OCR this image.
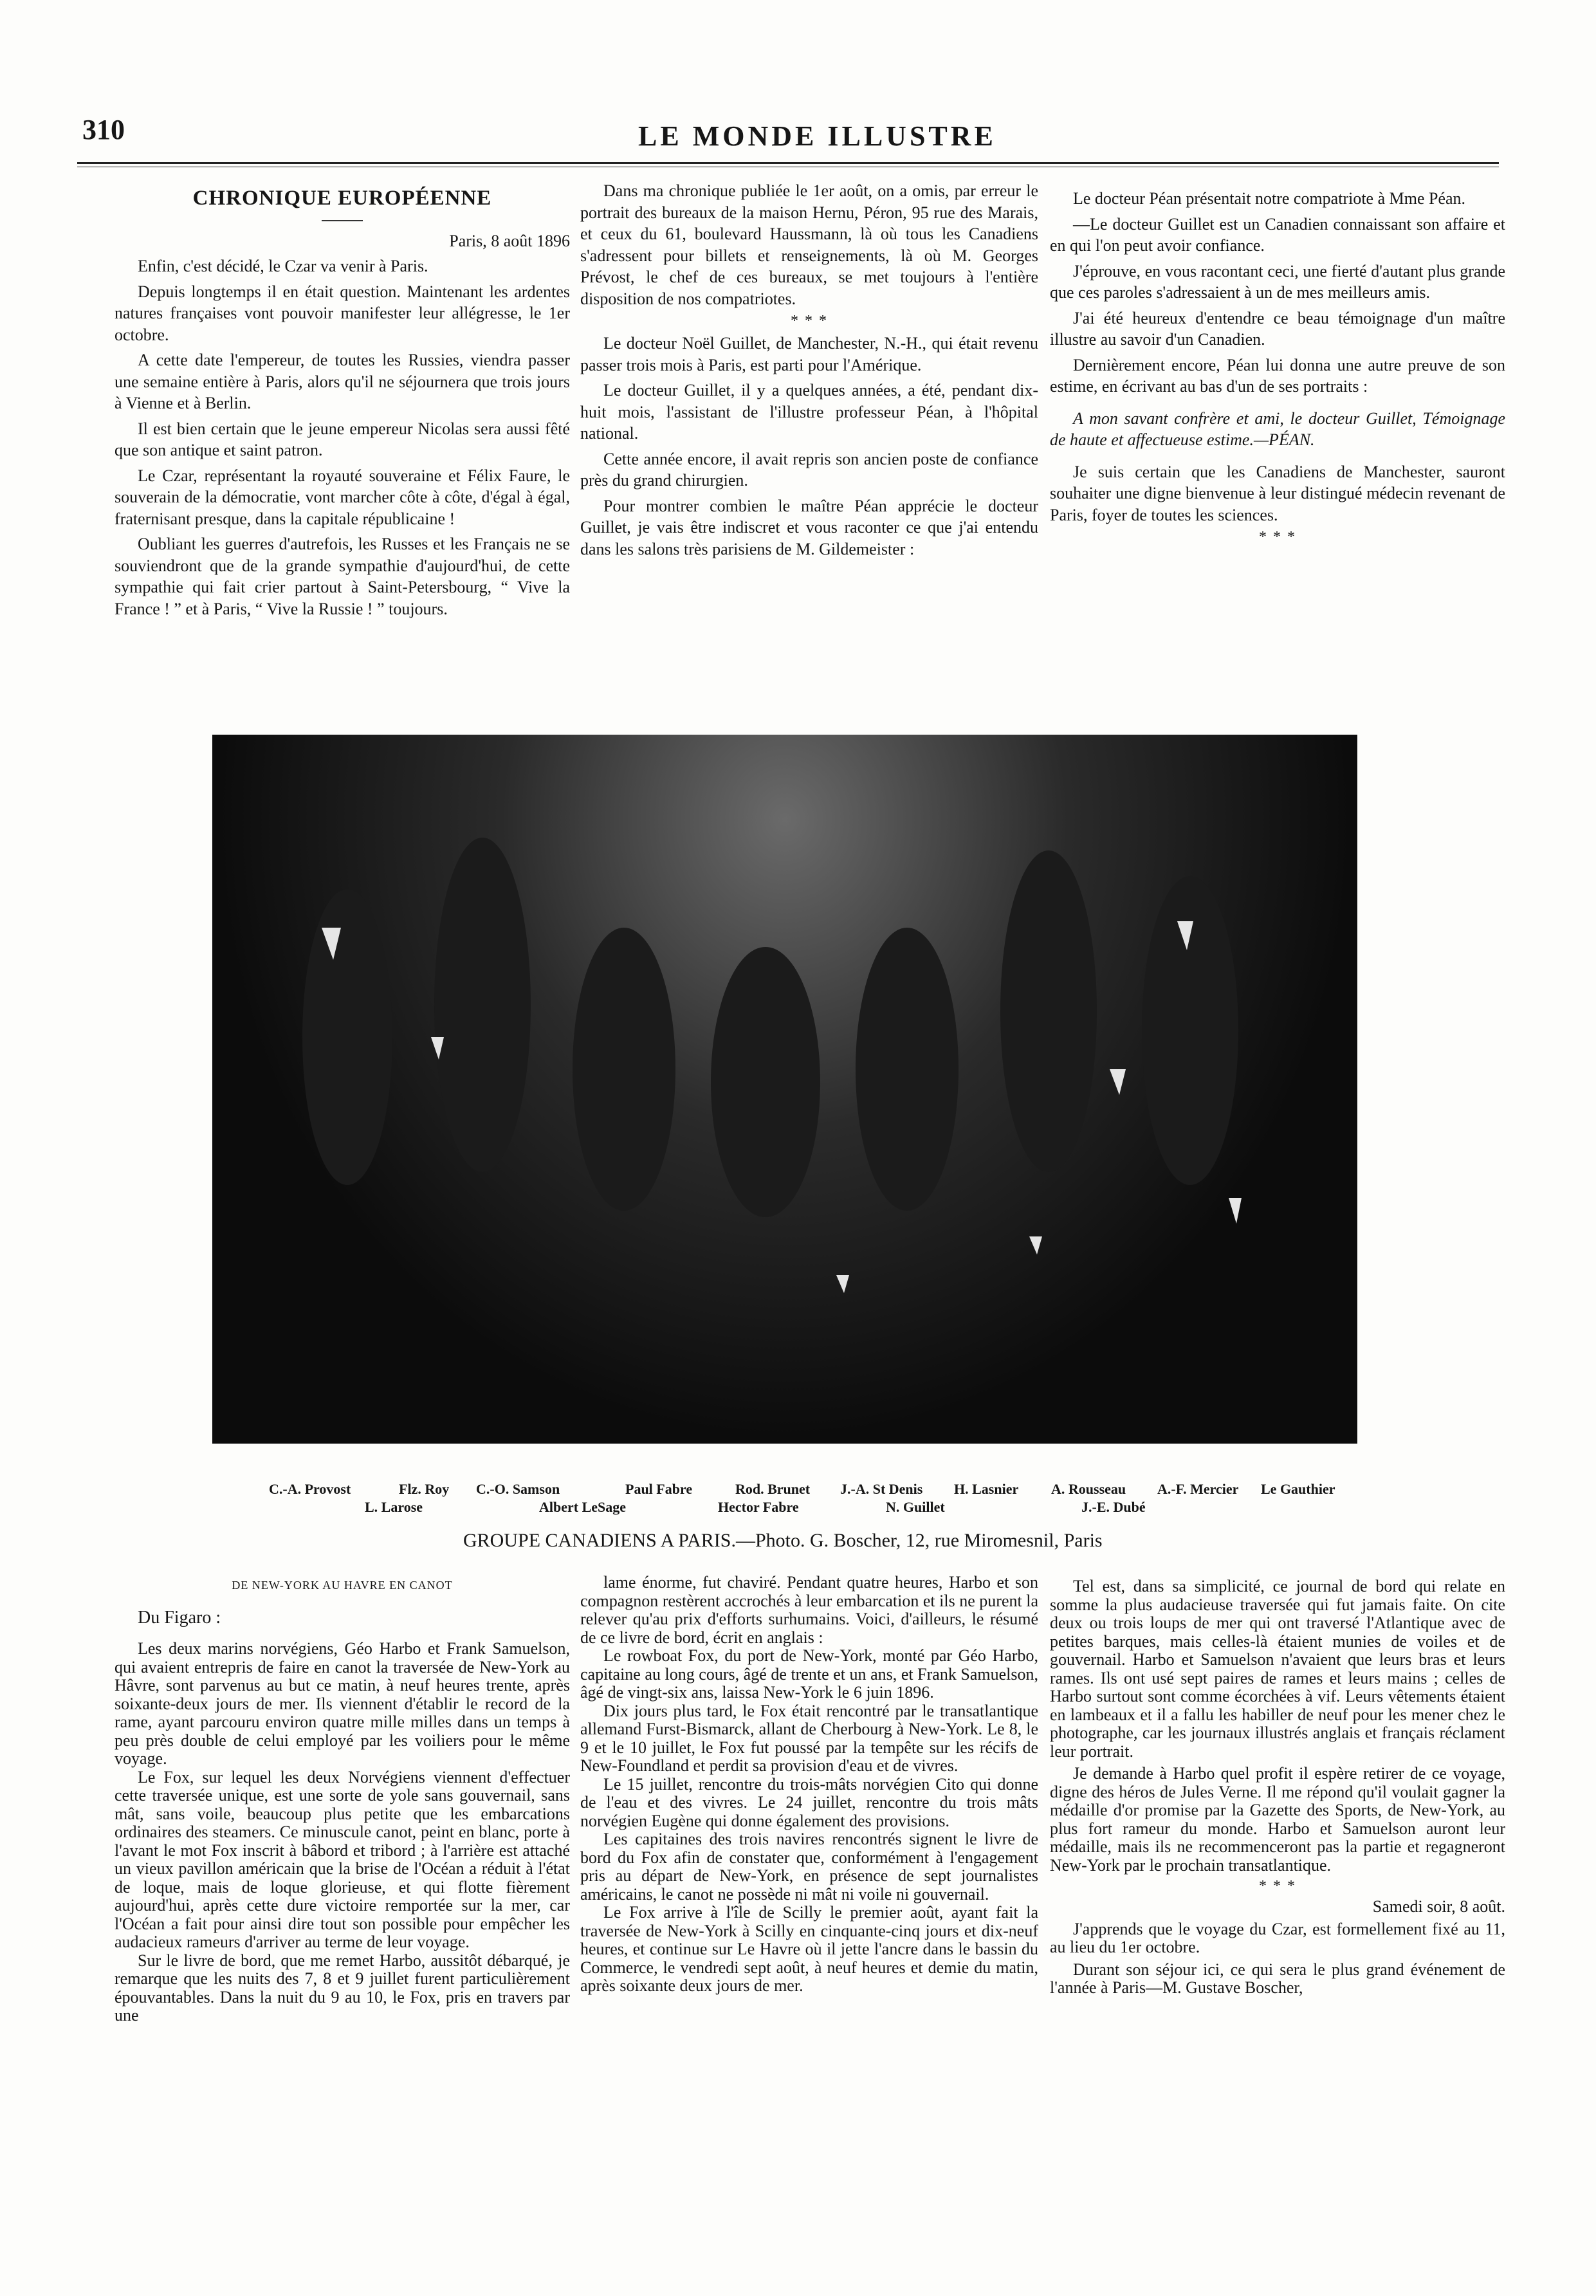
310	LE MONDE ILLUSTRE

CHRONIQUE EUROPÉENNE

Paris, 8 août 1896

Enfin, c'est décidé, le Czar va venir à Paris.

Depuis longtemps il en était question. Maintenant les ardentes natures françaises vont pouvoir manifester leur allégresse, le 1er octobre.

A cette date l'empereur, de toutes les Russies, viendra passer une semaine entière à Paris, alors qu'il ne séjournera que trois jours à Vienne et à Berlin.

Il est bien certain que le jeune empereur Nicolas sera aussi fêté que son antique et saint patron.

Le Czar, représentant la royauté souveraine et Félix Faure, le souverain de la démocratie, vont marcher côte à côte, d'égal à égal, fraternisant presque, dans la capitale républicaine !

Oubliant les guerres d'autrefois, les Russes et les Français ne se souviendront que de la grande sympathie d'aujourd'hui, de cette sympathie qui fait crier partout à Saint-Petersbourg, “ Vive la France ! ” et à Paris, “ Vive la Russie ! ” toujours.

Dans ma chronique publiée le 1er août, on a omis, par erreur le portrait des bureaux de la maison Hernu, Péron, 95 rue des Marais, et ceux du 61, boulevard Haussmann, là où tous les Canadiens s'adressent pour billets et renseignements, là où M. Georges Prévost, le chef de ces bureaux, se met toujours à l'entière disposition de nos compatriotes.

* * *

Le docteur Noël Guillet, de Manchester, N.-H., qui était revenu passer trois mois à Paris, est parti pour l'Amérique.

Le docteur Guillet, il y a quelques années, a été, pendant dix-huit mois, l'assistant de l'illustre professeur Péan, à l'hôpital national.

Cette année encore, il avait repris son ancien poste de confiance près du grand chirurgien.

Pour montrer combien le maître Péan apprécie le docteur Guillet, je vais être indiscret et vous raconter ce que j'ai entendu dans les salons très parisiens de M. Gildemeister :

Le docteur Péan présentait notre compatriote à Mme Péan.

—Le docteur Guillet est un Canadien connaissant son affaire et en qui l'on peut avoir confiance.

J'éprouve, en vous racontant ceci, une fierté d'autant plus grande que ces paroles s'adressaient à un de mes meilleurs amis.

J'ai été heureux d'entendre ce beau témoignage d'un maître illustre au savoir d'un Canadien.

Dernièrement encore, Péan lui donna une autre preuve de son estime, en écrivant au bas d'un de ses portraits :

A mon savant confrère et ami, le docteur Guillet, Témoignage de haute et affectueuse estime.—PÉAN.

Je suis certain que les Canadiens de Manchester, sauront souhaiter une digne bienvenue à leur distingué médecin revenant de Paris, foyer de toutes les sciences.

* * *

C.-A. Provost	Flz. Roy C.-O. Samson	Paul Fabre	Rod. Brunet J.-A. St Denis H. Lasnier A. Rousseau A.-F. Mercier Le Gauthier
L. Larose	Albert LeSage	Hector Fabre	N. Guillet	J.-E. Dubé
GROUPE CANADIENS A PARIS.—Photo. G. Boscher, 12, rue Miromesnil, Paris

DE NEW-YORK AU HAVRE EN CANOT

Du Figaro :

Les deux marins norvégiens, Géo Harbo et Frank Samuelson, qui avaient entrepris de faire en canot la traversée de New-York au Hâvre, sont parvenus au but ce matin, à neuf heures trente, après soixante-deux jours de mer. Ils viennent d'établir le record de la rame, ayant parcouru environ quatre mille milles dans un temps à peu près double de celui employé par les voiliers pour le même voyage.

Le Fox, sur lequel les deux Norvégiens viennent d'effectuer cette traversée unique, est une sorte de yole sans gouvernail, sans mât, sans voile, beaucoup plus petite que les embarcations ordinaires des steamers. Ce minuscule canot, peint en blanc, porte à l'avant le mot Fox inscrit à bâbord et tribord ; à l'arrière est attaché un vieux pavillon américain que la brise de l'Océan a réduit à l'état de loque, mais de loque glorieuse, et qui flotte fièrement aujourd'hui, après cette dure victoire remportée sur la mer, car l'Océan a fait pour ainsi dire tout son possible pour empêcher les audacieux rameurs d'arriver au terme de leur voyage.

Sur le livre de bord, que me remet Harbo, aussitôt débarqué, je remarque que les nuits des 7, 8 et 9 juillet furent particulièrement épouvantables. Dans la nuit du 9 au 10, le Fox, pris en travers par une

lame énorme, fut chaviré. Pendant quatre heures, Harbo et son compagnon restèrent accrochés à leur embarcation et ils ne purent la relever qu'au prix d'efforts surhumains. Voici, d'ailleurs, le résumé de ce livre de bord, écrit en anglais :

Le rowboat Fox, du port de New-York, monté par Géo Harbo, capitaine au long cours, âgé de trente et un ans, et Frank Samuelson, âgé de vingt-six ans, laissa New-York le 6 juin 1896.

Dix jours plus tard, le Fox était rencontré par le transatlantique allemand Furst-Bismarck, allant de Cherbourg à New-York. Le 8, le 9 et le 10 juillet, le Fox fut poussé par la tempête sur les récifs de New-Foundland et perdit sa provision d'eau et de vivres.

Le 15 juillet, rencontre du trois-mâts norvégien Cito qui donne de l'eau et des vivres. Le 24 juillet, rencontre du trois mâts norvégien Eugène qui donne également des provisions.

Les capitaines des trois navires rencontrés signent le livre de bord du Fox afin de constater que, conformément à l'engagement pris au départ de New-York, en présence de sept journalistes américains, le canot ne possède ni mât ni voile ni gouvernail.

Le Fox arrive à l'île de Scilly le premier août, ayant fait la traversée de New-York à Scilly en cinquante-cinq jours et dix-neuf heures, et continue sur Le Havre où il jette l'ancre dans le bassin du Commerce, le vendredi sept août, à neuf heures et demie du matin, après soixante deux jours de mer.

Tel est, dans sa simplicité, ce journal de bord qui relate en somme la plus audacieuse traversée qui fut jamais faite. On cite deux ou trois loups de mer qui ont traversé l'Atlantique avec de petites barques, mais celles-là étaient munies de voiles et de gouvernail. Harbo et Samuelson n'avaient que leurs bras et leurs rames. Ils ont usé sept paires de rames et leurs mains ; celles de Harbo surtout sont comme écorchées à vif. Leurs vêtements étaient en lambeaux et il a fallu les habiller de neuf pour les mener chez le photographe, car les journaux illustrés anglais et français réclament leur portrait.

Je demande à Harbo quel profit il espère retirer de ce voyage, digne des héros de Jules Verne. Il me répond qu'il voulait gagner la médaille d'or promise par la Gazette des Sports, de New-York, au plus fort rameur du monde. Harbo et Samuelson auront leur médaille, mais ils ne recommenceront pas la partie et regagneront New-York par le prochain transatlantique.

* * *

Samedi soir, 8 août.

J'apprends que le voyage du Czar, est formellement fixé au 11, au lieu du 1er octobre.

Durant son séjour ici, ce qui sera le plus grand événement de l'année à Paris—M. Gustave Boscher,
